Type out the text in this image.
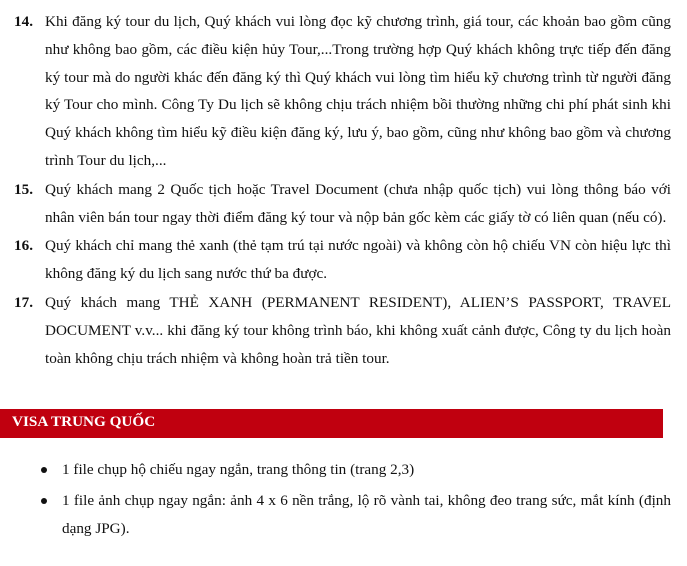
14. Khi đăng ký tour du lịch, Quý khách vui lòng đọc kỹ chương trình, giá tour, các khoản bao gồm cũng như không bao gồm, các điều kiện hủy Tour,...Trong trường hợp Quý khách không trực tiếp đến đăng ký tour mà do người khác đến đăng ký thì Quý khách vui lòng tìm hiểu kỹ chương trình từ người đăng ký Tour cho mình. Công Ty Du lịch sẽ không chịu trách nhiệm bồi thường những chi phí phát sinh khi Quý khách không tìm hiểu kỹ điều kiện đăng ký, lưu ý, bao gồm, cũng như không bao gồm và chương trình Tour du lịch,...
15. Quý khách mang 2 Quốc tịch hoặc Travel Document (chưa nhập quốc tịch) vui lòng thông báo với nhân viên bán tour ngay thời điểm đăng ký tour và nộp bản gốc kèm các giấy tờ có liên quan (nếu có).
16. Quý khách chỉ mang thẻ xanh (thẻ tạm trú tại nước ngoài) và không còn hộ chiếu VN còn hiệu lực thì không đăng ký du lịch sang nước thứ ba được.
17. Quý khách mang THẺ XANH (PERMANENT RESIDENT), ALIEN’S PASSPORT, TRAVEL DOCUMENT v.v... khi đăng ký tour không trình báo, khi không xuất cảnh được, Công ty du lịch hoàn toàn không chịu trách nhiệm và không hoàn trả tiền tour.
VISA TRUNG QUỐC
1 file chụp hộ chiếu ngay ngắn, trang thông tin (trang 2,3)
1 file ảnh chụp ngay ngắn: ảnh 4 x 6 nền trắng, lộ rõ vành tai, không đeo trang sức, mắt kính (định dạng JPG).
